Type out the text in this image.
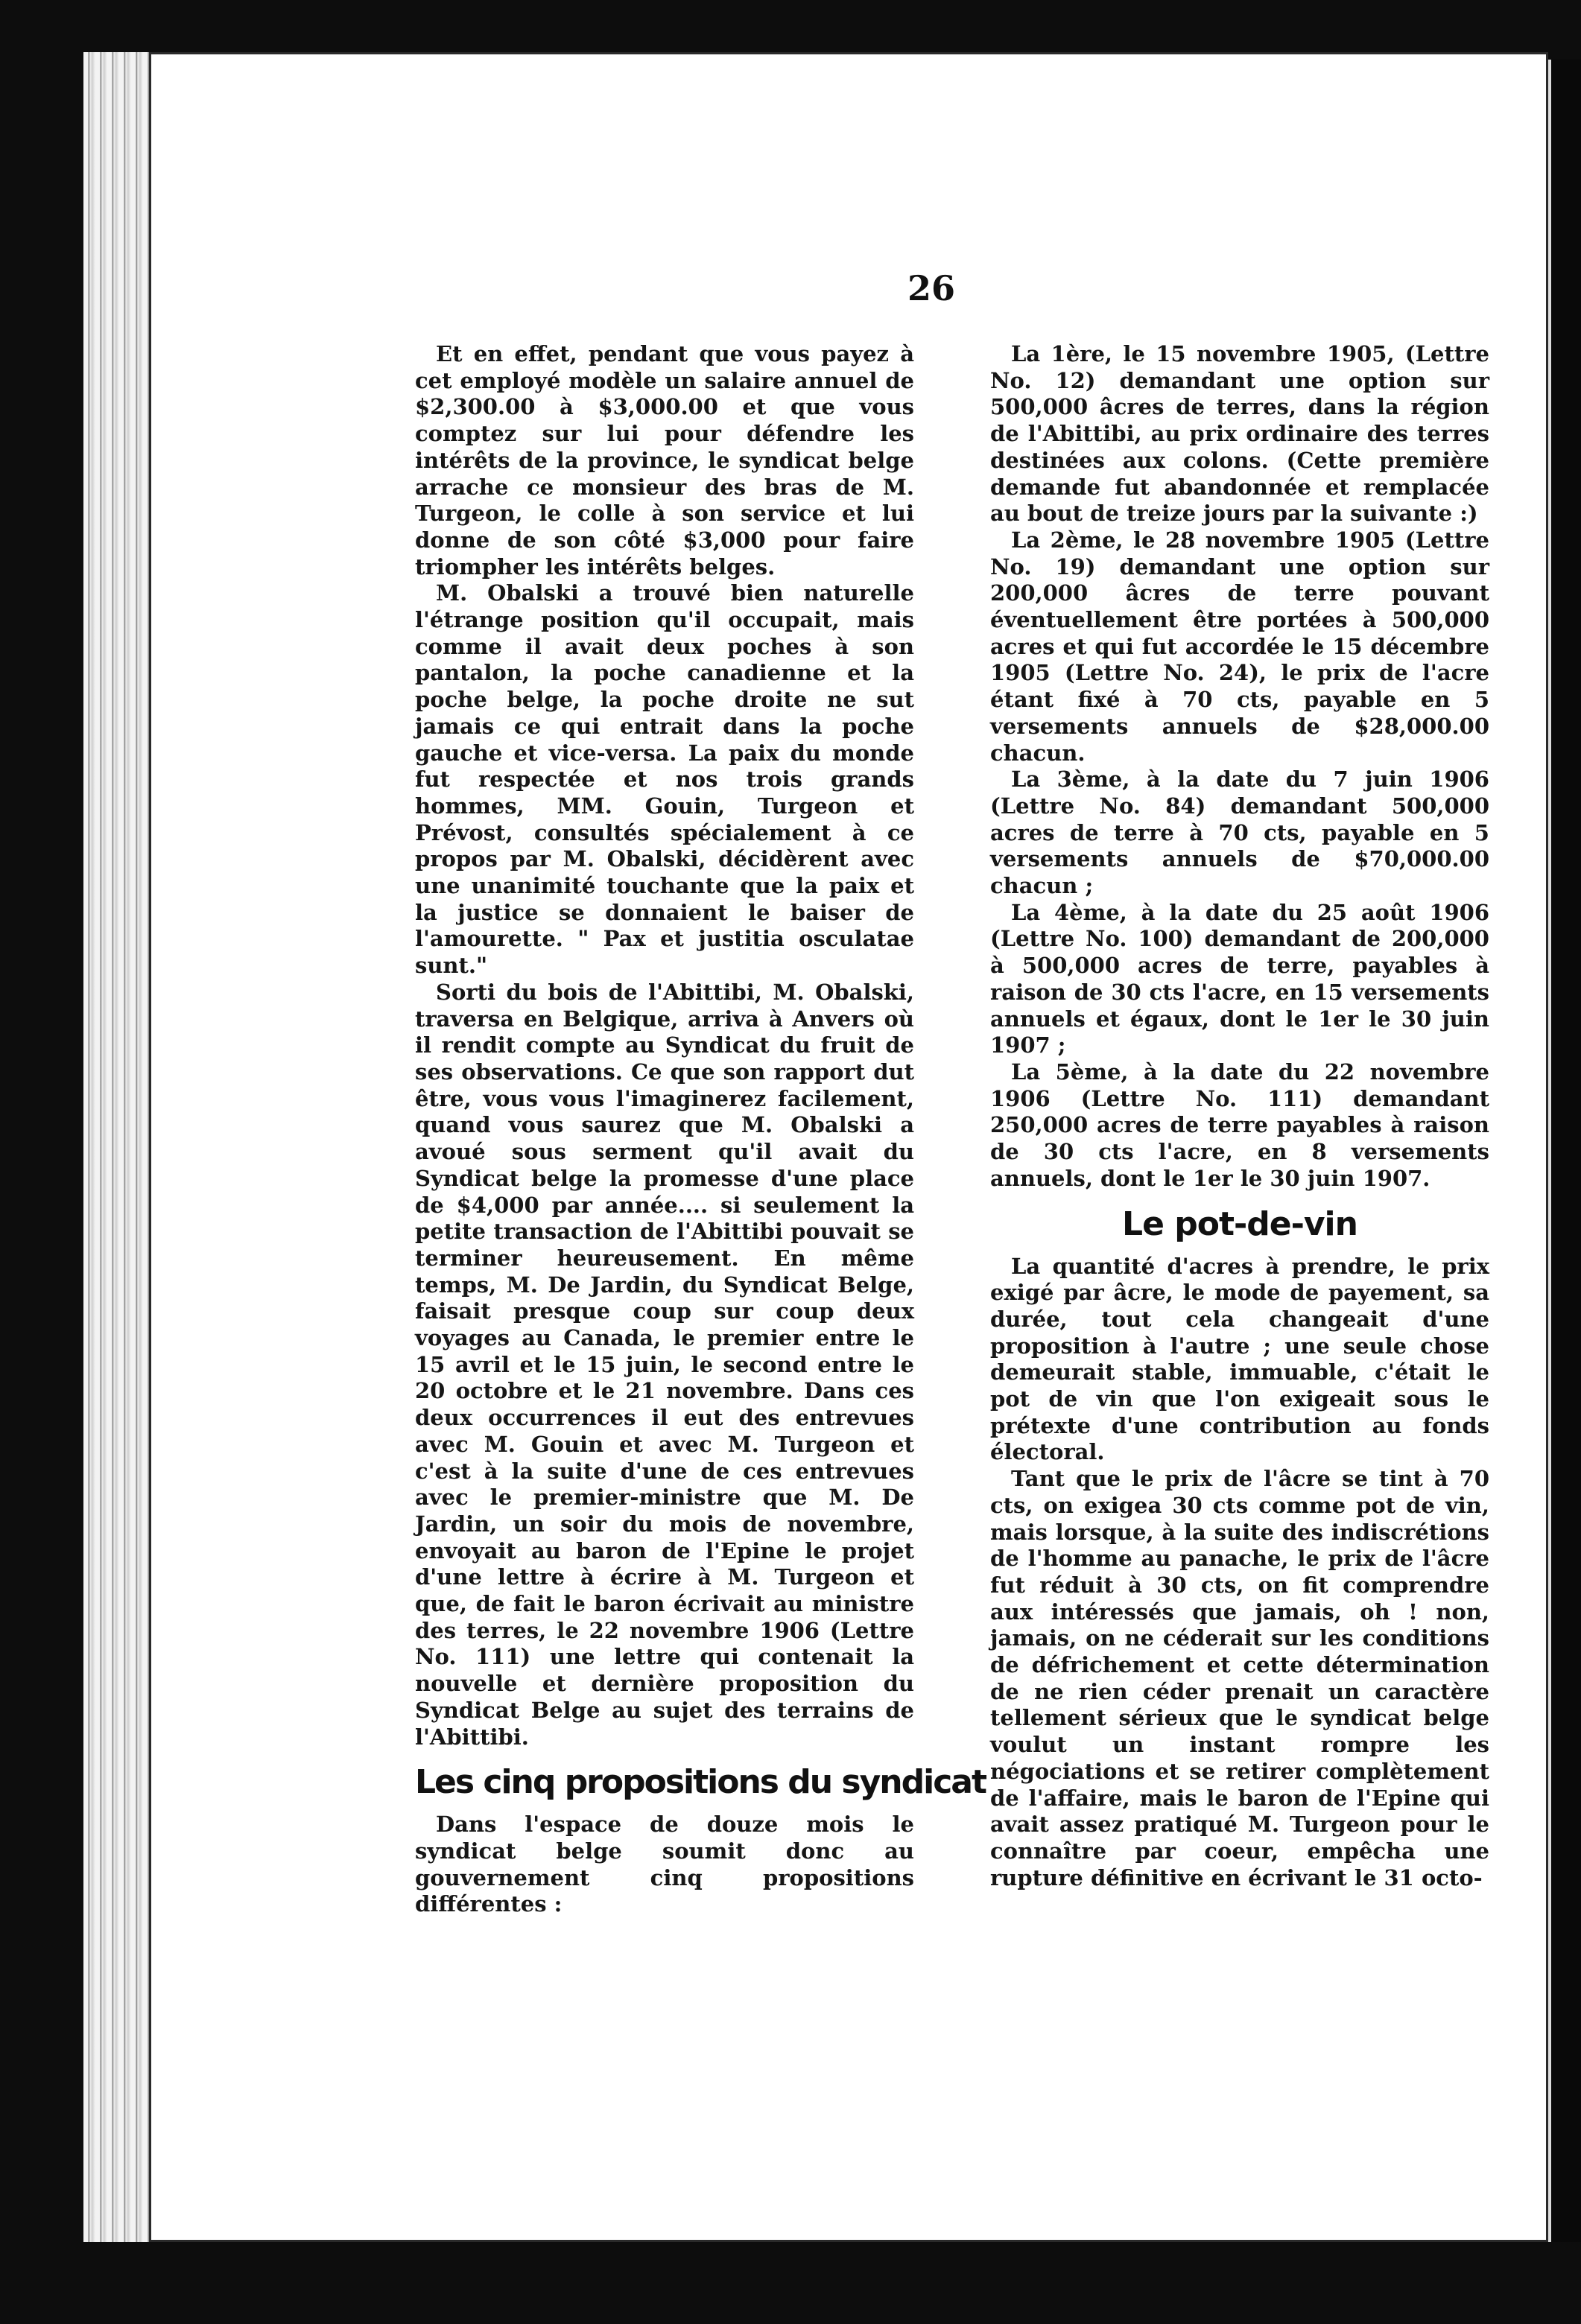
26

Et en effet, pendant que vous payez à cet employé modèle un salaire annuel de $2,300.00 à $3,000.00 et que vous comptez sur lui pour défendre les intérêts de la province, le syndicat belge arrache ce monsieur des bras de M. Turgeon, le colle à son service et lui donne de son côté $3,000 pour faire triompher les intérêts belges.

M. Obalski a trouvé bien naturelle l'étrange position qu'il occupait, mais comme il avait deux poches à son pantalon, la poche canadienne et la poche belge, la poche droite ne sut jamais ce qui entrait dans la poche gauche et vice-versa. La paix du monde fut respectée et nos trois grands hommes, MM. Gouin, Turgeon et Prévost, consultés spécialement à ce propos par M. Obalski, décidèrent avec une unanimité touchante que la paix et la justice se donnaient le baiser de l'amourette. " Pax et justitia osculatae sunt."

Sorti du bois de l'Abittibi, M. Obalski, traversa en Belgique, arriva à Anvers où il rendit compte au Syndicat du fruit de ses observations. Ce que son rapport dut être, vous vous l'imaginerez facilement, quand vous saurez que M. Obalski a avoué sous serment qu'il avait du Syndicat belge la promesse d'une place de $4,000 par année.... si seulement la petite transaction de l'Abittibi pouvait se terminer heureusement. En même temps, M. De Jardin, du Syndicat Belge, faisait presque coup sur coup deux voyages au Canada, le premier entre le 15 avril et le 15 juin, le second entre le 20 octobre et le 21 novembre. Dans ces deux occurrences il eut des entrevues avec M. Gouin et avec M. Turgeon et c'est à la suite d'une de ces entrevues avec le premier-ministre que M. De Jardin, un soir du mois de novembre, envoyait au baron de l'Epine le projet d'une lettre à écrire à M. Turgeon et que, de fait le baron écrivait au ministre des terres, le 22 novembre 1906 (Lettre No. 111) une lettre qui contenait la nouvelle et dernière proposition du Syndicat Belge au sujet des terrains de l'Abittibi.

Les cinq propositions du syndicat

Dans l'espace de douze mois le syndicat belge soumit donc au gouvernement cinq propositions différentes :

La 1ère, le 15 novembre 1905, (Lettre No. 12) demandant une option sur 500,000 âcres de terres, dans la région de l'Abittibi, au prix ordinaire des terres destinées aux colons. (Cette première demande fut abandonnée et remplacée au bout de treize jours par la suivante :)

La 2ème, le 28 novembre 1905 (Lettre No. 19) demandant une option sur 200,000 âcres de terre pouvant éventuellement être portées à 500,000 acres et qui fut accordée le 15 décembre 1905 (Lettre No. 24), le prix de l'acre étant fixé à 70 cts, payable en 5 versements annuels de $28,000.00 chacun.

La 3ème, à la date du 7 juin 1906 (Lettre No. 84) demandant 500,000 acres de terre à 70 cts, payable en 5 versements annuels de $70,000.00 chacun ;

La 4ème, à la date du 25 août 1906 (Lettre No. 100) demandant de 200,000 à 500,000 acres de terre, payables à raison de 30 cts l'acre, en 15 versements annuels et égaux, dont le 1er le 30 juin 1907 ;

La 5ème, à la date du 22 novembre 1906 (Lettre No. 111) demandant 250,000 acres de terre payables à raison de 30 cts l'acre, en 8 versements annuels, dont le 1er le 30 juin 1907.

Le pot-de-vin

La quantité d'acres à prendre, le prix exigé par âcre, le mode de payement, sa durée, tout cela changeait d'une proposition à l'autre ; une seule chose demeurait stable, immuable, c'était le pot de vin que l'on exigeait sous le prétexte d'une contribution au fonds électoral.

Tant que le prix de l'âcre se tint à 70 cts, on exigea 30 cts comme pot de vin, mais lorsque, à la suite des indiscrétions de l'homme au panache, le prix de l'âcre fut réduit à 30 cts, on fit comprendre aux intéressés que jamais, oh ! non, jamais, on ne céderait sur les conditions de défrichement et cette détermination de ne rien céder prenait un caractère tellement sérieux que le syndicat belge voulut un instant rompre les négociations et se retirer complètement de l'affaire, mais le baron de l'Epine qui avait assez pratiqué M. Turgeon pour le connaître par coeur, empêcha une rupture définitive en écrivant le 31 octo-
